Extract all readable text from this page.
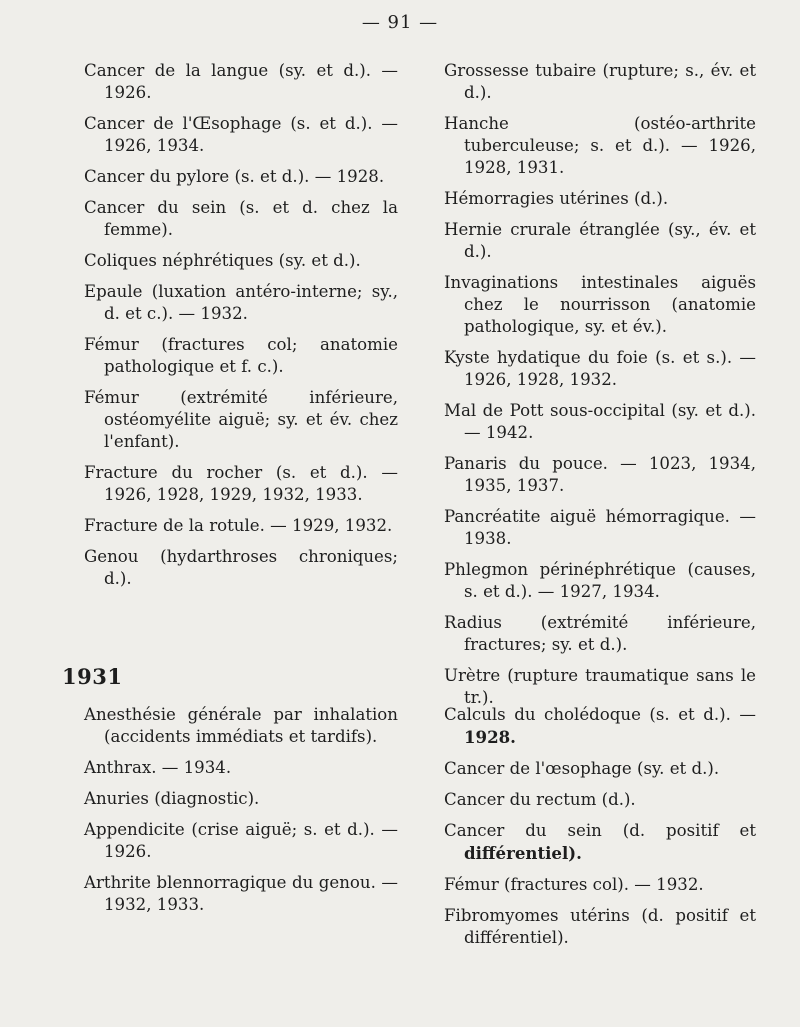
— 91 —

Cancer de la langue (sy. et d.). — 1926.

Cancer de l'Œsophage (s. et d.). — 1926, 1934.

Cancer du pylore (s. et d.). — 1928.

Cancer du sein (s. et d. chez la femme).

Coliques néphrétiques (sy. et d.).

Epaule (luxation antéro-interne; sy., d. et c.). — 1932.

Fémur (fractures col; anatomie pathologique et f. c.).

Fémur (extrémité inférieure, ostéomyélite aiguë; sy. et év. chez l'enfant).

Fracture du rocher (s. et d.). — 1926, 1928, 1929, 1932, 1933.

Fracture de la rotule. — 1929, 1932.

Genou (hydarthroses chroniques; d.).

Grossesse tubaire (rupture; s., év. et d.).

Hanche (ostéo-arthrite tuberculeuse; s. et d.). — 1926, 1928, 1931.

Hémorragies utérines (d.).

Hernie crurale étranglée (sy., év. et d.).

Invaginations intestinales aiguës chez le nourrisson (anatomie pathologique, sy. et év.).

Kyste hydatique du foie (s. et s.). — 1926, 1928, 1932.

Mal de Pott sous-occipital (sy. et d.). — 1942.

Panaris du pouce. — 1023, 1934, 1935, 1937.

Pancréatite aiguë hémorragique. — 1938.

Phlegmon périnéphrétique (causes, s. et d.). — 1927, 1934.

Radius (extrémité inférieure, fractures; sy. et d.).

Urètre (rupture traumatique sans le tr.).

1931

Anesthésie générale par inhalation (accidents immédiats et tardifs).

Anthrax. — 1934.

Anuries (diagnostic).

Appendicite (crise aiguë; s. et d.). — 1926.

Arthrite blennorragique du genou. — 1932, 1933.

Calculs du cholédoque (s. et d.). — 1928.

Cancer de l'œsophage (sy. et d.).

Cancer du rectum (d.).

Cancer du sein (d. positif et différentiel).

Fémur (fractures col). — 1932.

Fibromyomes utérins (d. positif et différentiel).
